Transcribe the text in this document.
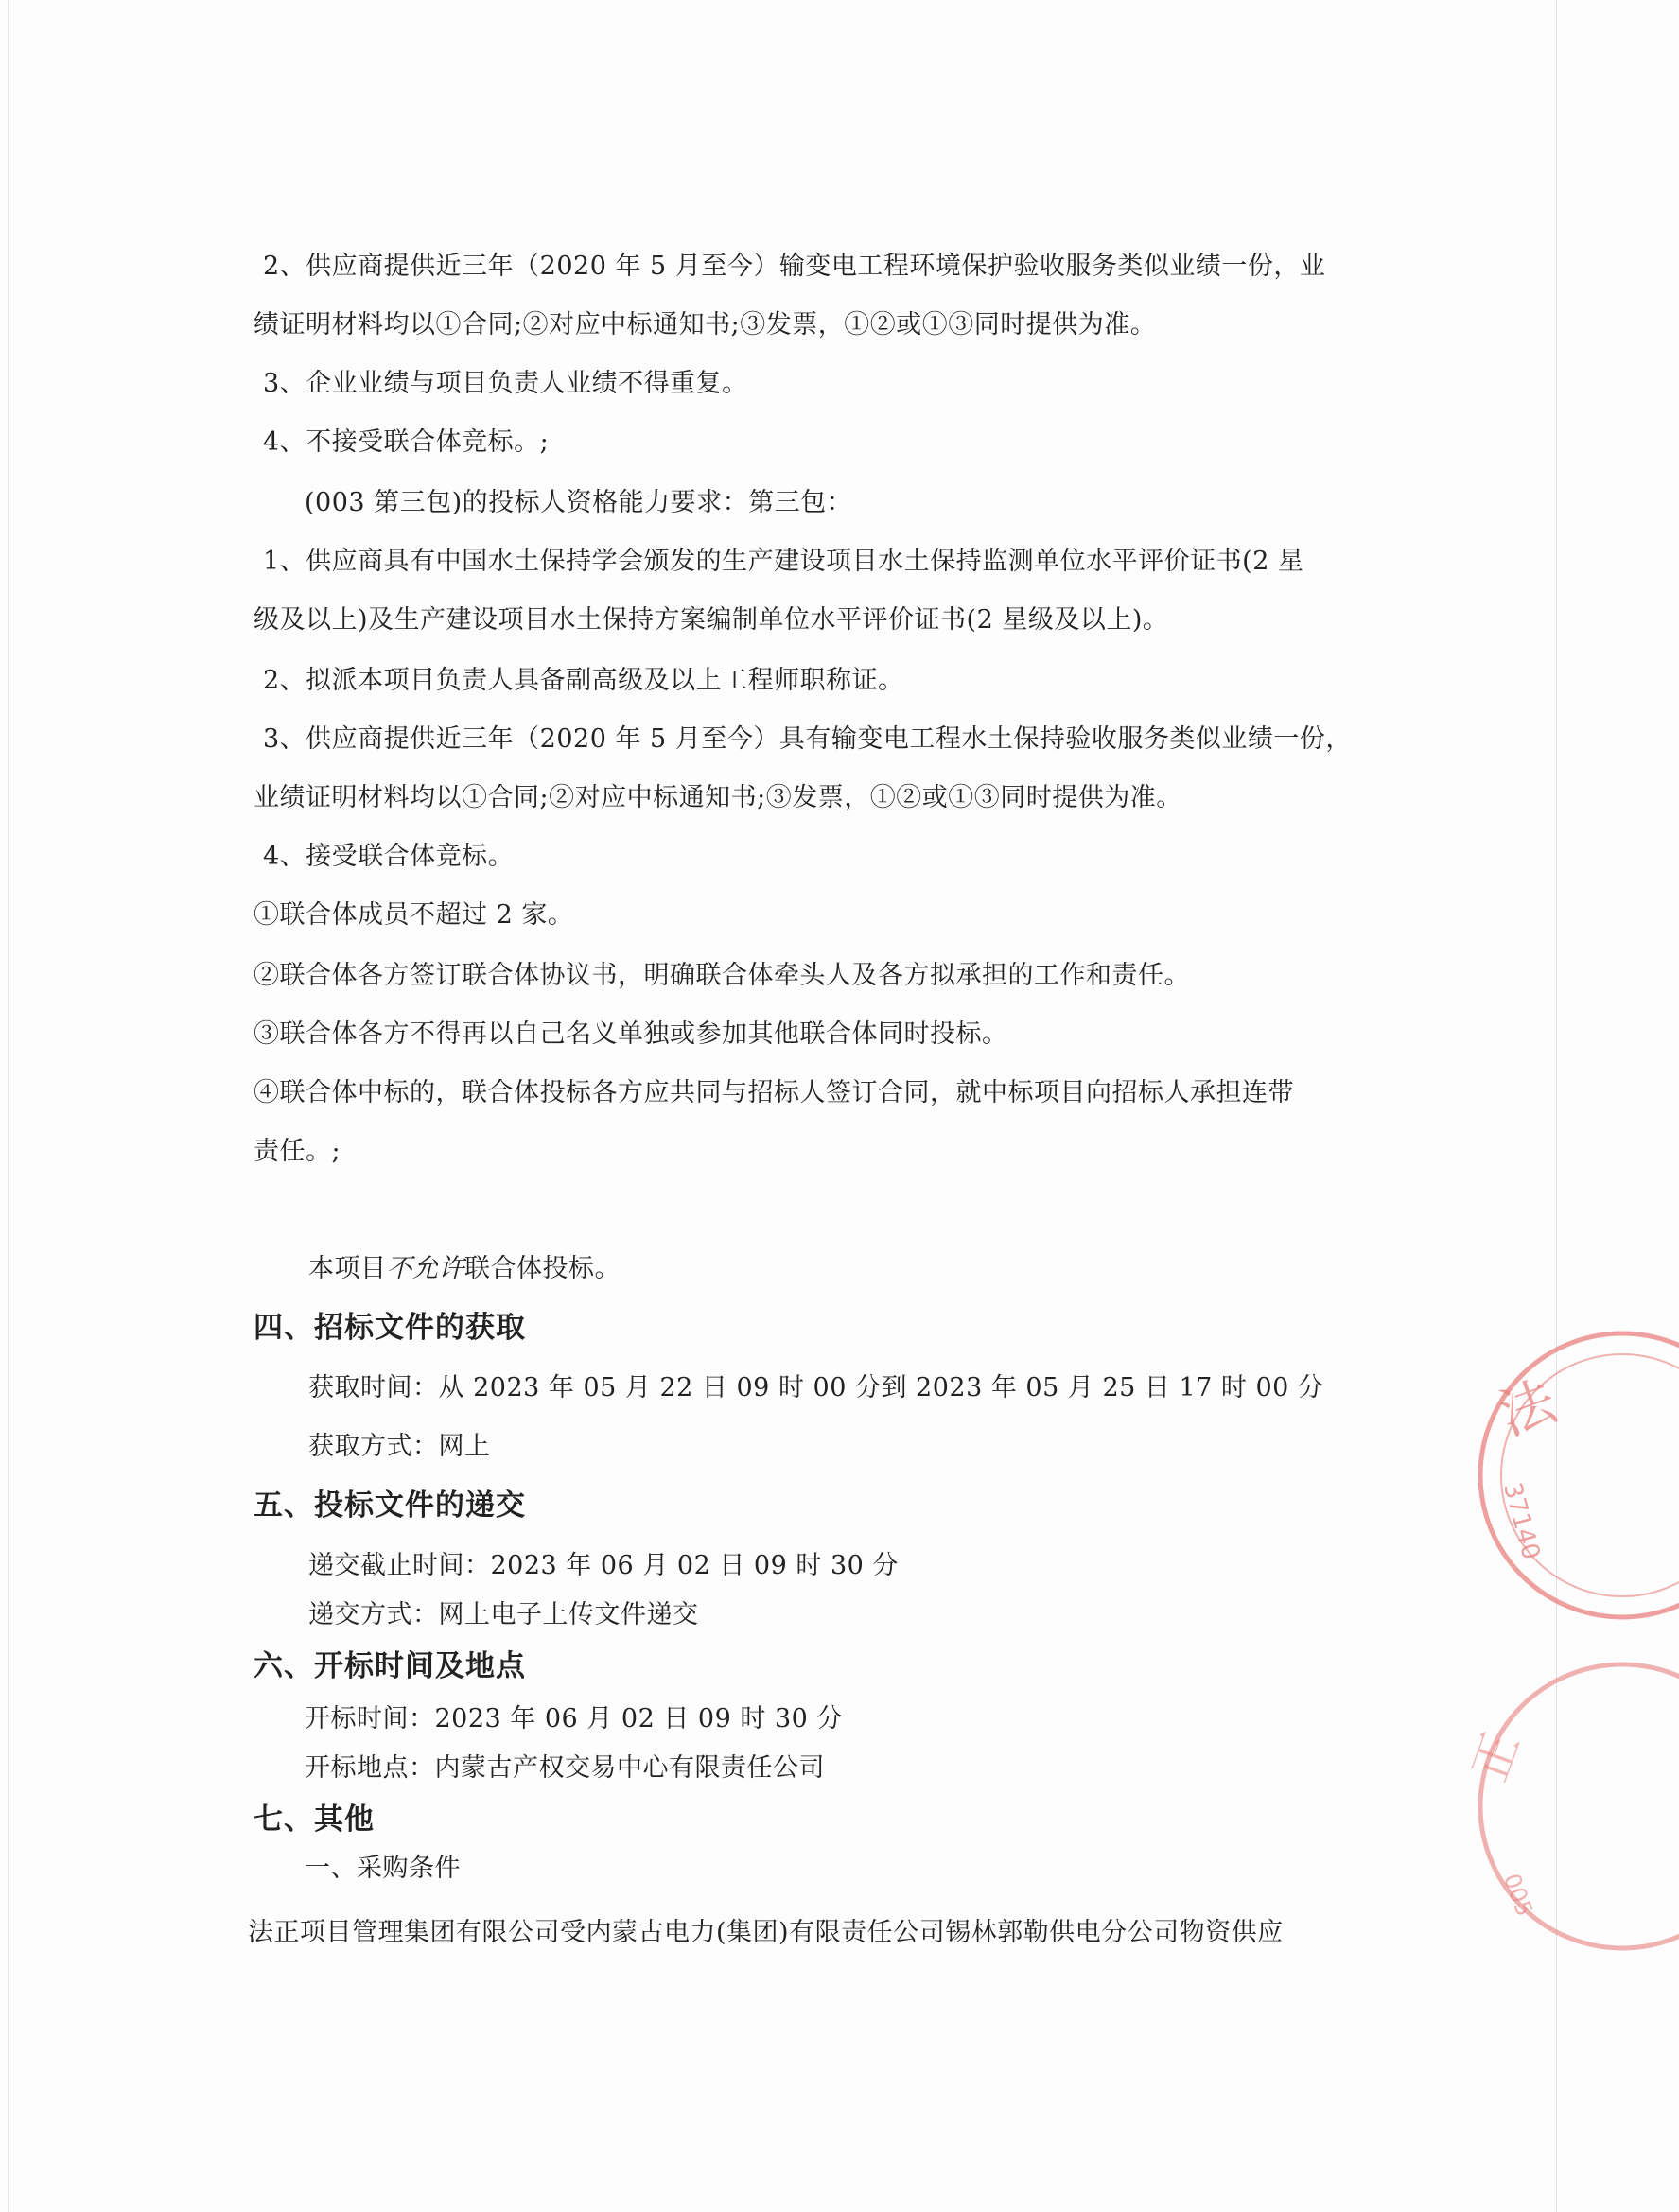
2、供应商提供近三年（2020 年 5 月至今）输变电工程环境保护验收服务类似业绩一份，业
绩证明材料均以①合同;②对应中标通知书;③发票，①②或①③同时提供为准。
3、企业业绩与项目负责人业绩不得重复。
4、不接受联合体竞标。;
(003 第三包)的投标人资格能力要求：第三包：
1、供应商具有中国水土保持学会颁发的生产建设项目水土保持监测单位水平评价证书(2 星
级及以上)及生产建设项目水土保持方案编制单位水平评价证书(2 星级及以上)。
2、拟派本项目负责人具备副高级及以上工程师职称证。
3、供应商提供近三年（2020 年 5 月至今）具有输变电工程水土保持验收服务类似业绩一份，
业绩证明材料均以①合同;②对应中标通知书;③发票，①②或①③同时提供为准。
4、接受联合体竞标。
①联合体成员不超过 2 家。
②联合体各方签订联合体协议书，明确联合体牵头人及各方拟承担的工作和责任。
③联合体各方不得再以自己名义单独或参加其他联合体同时投标。
④联合体中标的，联合体投标各方应共同与招标人签订合同，就中标项目向招标人承担连带
责任。;
本项目不允许联合体投标。
四、招标文件的获取
获取时间：从 2023 年 05 月 22 日 09 时 00 分到 2023 年 05 月 25 日 17 时 00 分
获取方式：网上
五、投标文件的递交
递交截止时间：2023 年 06 月 02 日 09 时 30 分
递交方式：网上电子上传文件递交
六、开标时间及地点
开标时间：2023 年 06 月 02 日 09 时 30 分
开标地点：内蒙古产权交易中心有限责任公司
七、其他
一、采购条件
法正项目管理集团有限公司受内蒙古电力(集团)有限责任公司锡林郭勒供电分公司物资供应
法
37140
正
005
